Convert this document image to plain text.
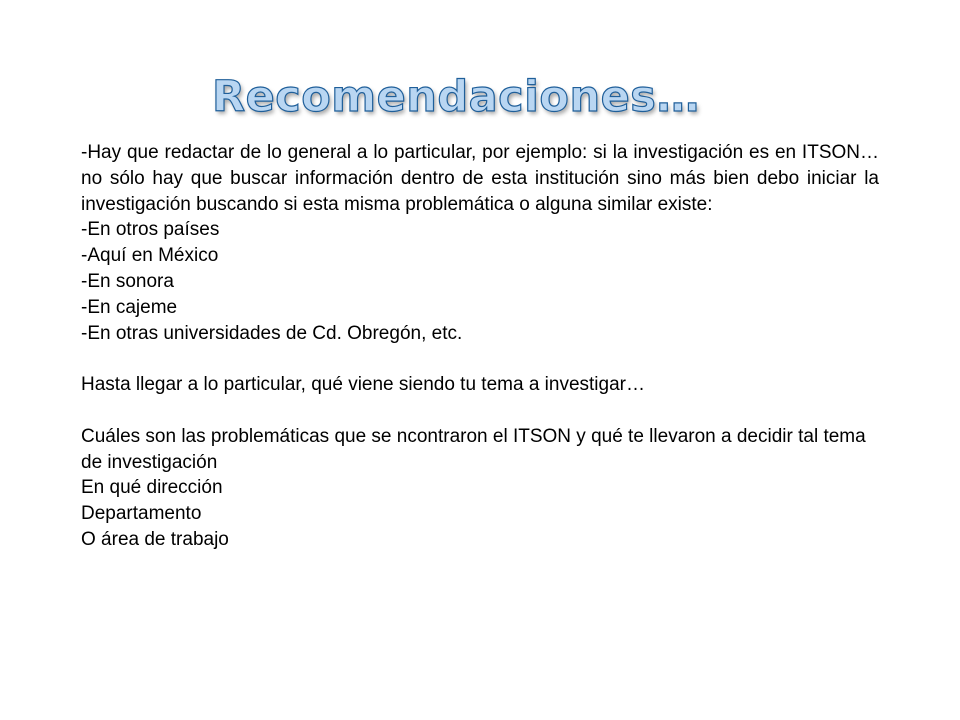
Recomendaciones…
-Hay que redactar de lo general a lo particular, por ejemplo: si la investigación es en ITSON… no sólo hay que buscar información dentro de esta institución sino más bien debo iniciar la investigación buscando si esta misma problemática o alguna similar existe:
-En otros países
-Aquí en México
-En sonora
-En cajeme
-En otras universidades de Cd. Obregón, etc.
Hasta llegar a lo particular, qué viene siendo tu tema a investigar…
Cuáles son las problemáticas que se ncontraron el ITSON y qué te llevaron a decidir tal tema de investigación
En qué dirección
Departamento
O área de trabajo
